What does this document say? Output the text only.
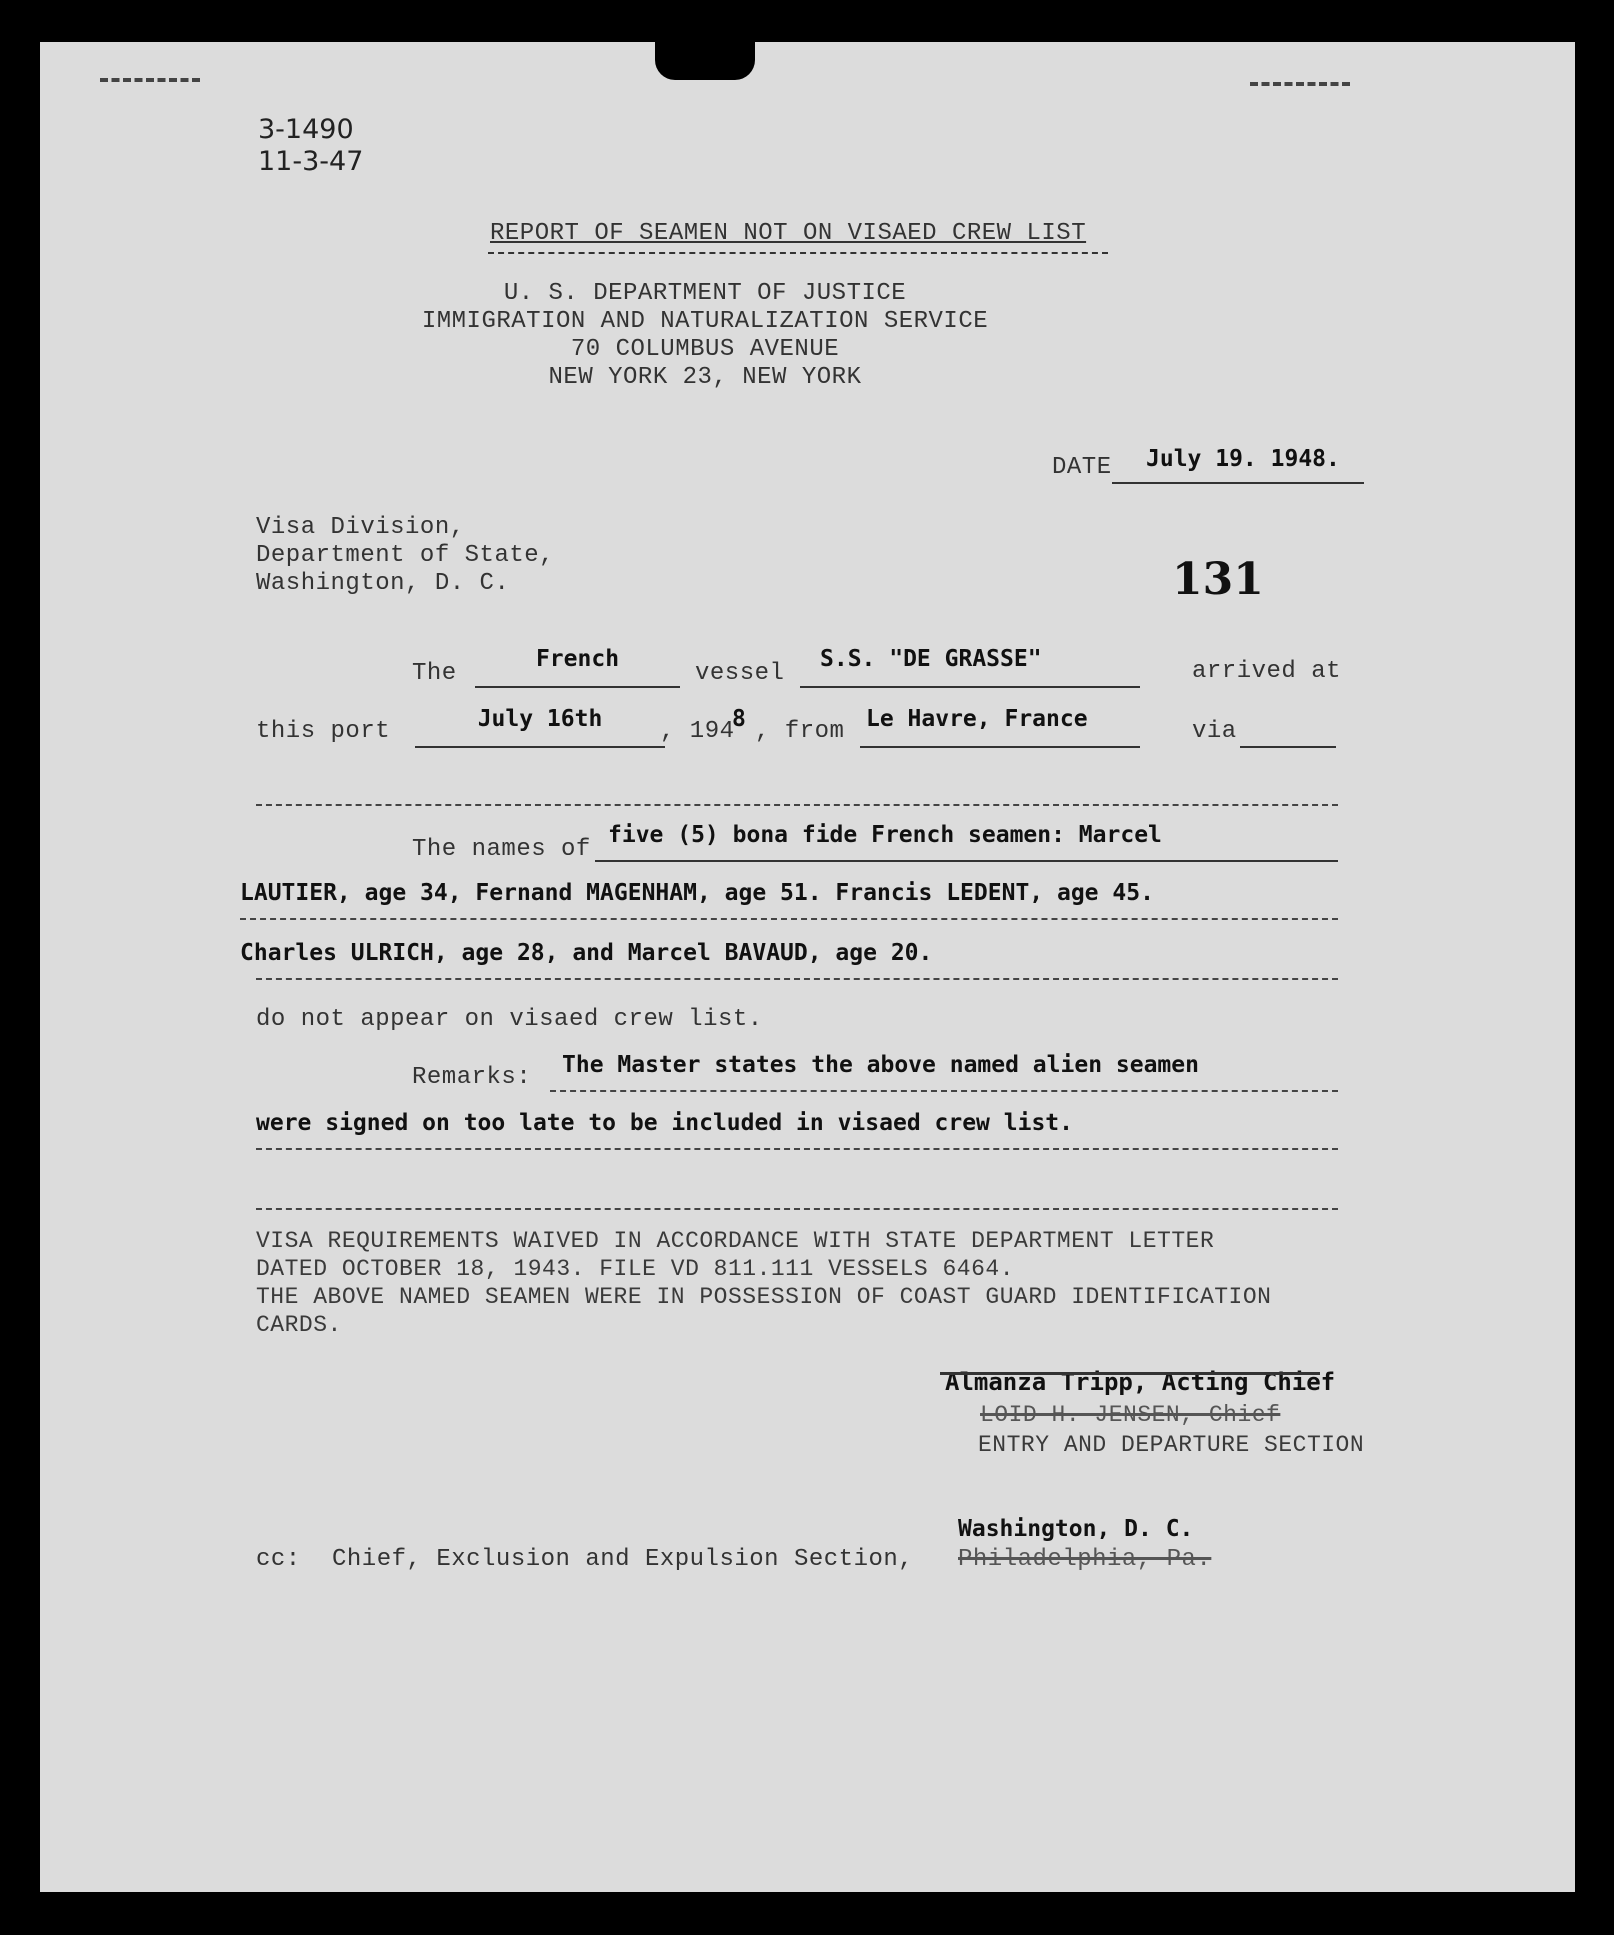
3-1490
11-3-47
REPORT OF SEAMEN NOT ON VISAED CREW LIST
U. S. DEPARTMENT OF JUSTICE
IMMIGRATION AND NATURALIZATION SERVICE
70 COLUMBUS AVENUE
NEW YORK 23, NEW YORK
DATE July 19. 1948.
Visa Division,
Department of State,
Washington, D. C.	131
The
French
vessel
S.S. "DE GRASSE"	arrived at
this port	July 16th	, 194
8 , from Le Havre, France	via
The names of
five (5) bona fide French seamen: Marcel
LAUTIER, age 34, Fernand MAGENHAM, age 51. Francis LEDENT, age 45.
Charles ULRICH, age 28, and Marcel BAVAUD, age 20.
do not appear on visaed crew list.
Remarks: The Master states the above named alien seamen
were signed on too late to be included in visaed crew list.
VISA REQUIREMENTS WAIVED IN ACCORDANCE WITH STATE DEPARTMENT LETTER
DATED OCTOBER 18, 1943. FILE VD 811.111 VESSELS 6464.
THE ABOVE NAMED SEAMEN WERE IN POSSESSION OF COAST GUARD IDENTIFICATION
CARDS.
Almanza Tripp, Acting Chief
LOID H. JENSEN, Chief
ENTRY AND DEPARTURE SECTION
cc: Chief, Exclusion and Expulsion Section,
Washington, D. C.
Philadelphia, Pa.
